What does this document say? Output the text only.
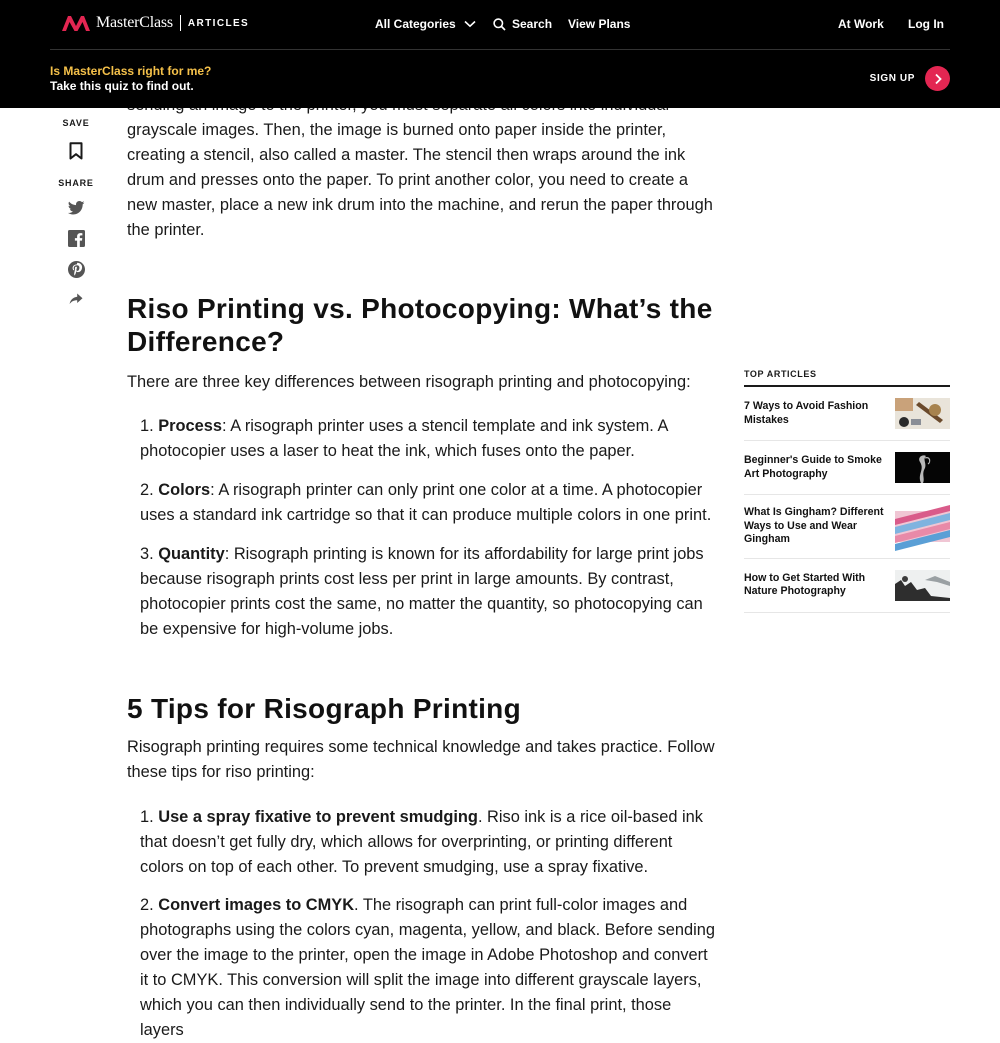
MasterClass ARTICLES	All Categories	Search View Plans	At Work Log In
Is MasterClass right for me?
Take this quiz to find out.
SIGN UP
SAVE
SHARE

grayscale images. Then, the image is burned onto paper inside the printer, creating a stencil, also called a master. The stencil then wraps around the ink drum and presses onto the paper. To print another color, you need to create a new master, place a new ink drum into the machine, and rerun the paper through the printer.

Riso Printing vs. Photocopying: What’s the Difference?

There are three key differences between risograph printing and photocopying:

1. Process: A risograph printer uses a stencil template and ink system. A photocopier uses a laser to heat the ink, which fuses onto the paper.
2. Colors: A risograph printer can only print one color at a time. A photocopier uses a standard ink cartridge so that it can produce multiple colors in one print.
3. Quantity: Risograph printing is known for its affordability for large print jobs because risograph prints cost less per print in large amounts. By contrast, photocopier prints cost the same, no matter the quantity, so photocopying can be expensive for high-volume jobs.
5 Tips for Risograph Printing

Risograph printing requires some technical knowledge and takes practice. Follow these tips for riso printing:

1. Use a spray fixative to prevent smudging. Riso ink is a rice oil-based ink that doesn’t get fully dry, which allows for overprinting, or printing different colors on top of each other. To prevent smudging, use a spray fixative.
2. Convert images to CMYK. The risograph can print full-color images and photographs using the colors cyan, magenta, yellow, and black. Before sending over the image to the printer, open the image in Adobe Photoshop and convert it to CMYK. This conversion will split the image into different grayscale layers, which you can then individually send to the printer. In the final print, those layers
TOP ARTICLES
7 Ways to Avoid Fashion Mistakes
Beginner's Guide to Smoke Art Photography
What Is Gingham? Different Ways to Use and Wear Gingham
How to Get Started With Nature Photography
